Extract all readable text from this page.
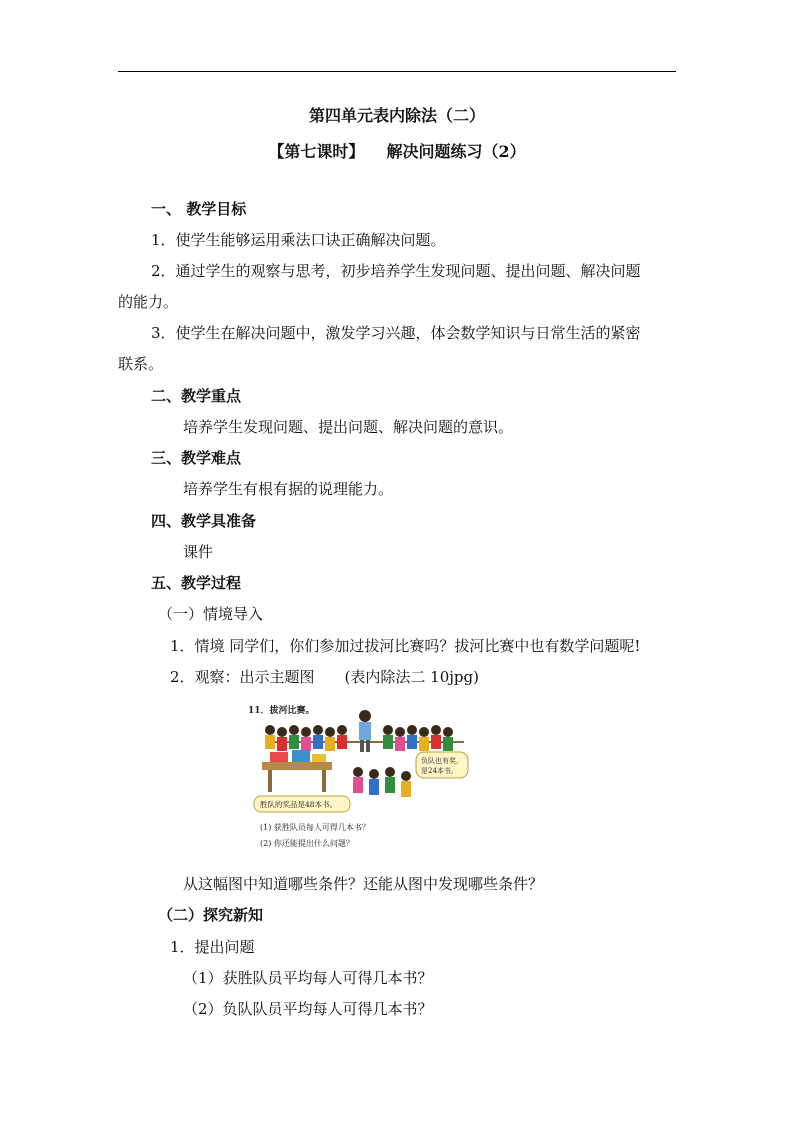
第四单元表内除法（二）
【第七课时】 解决问题练习（2）
一、 教学目标
1．使学生能够运用乘法口诀正确解决问题。
2．通过学生的观察与思考，初步培养学生发现问题、提出问题、解决问题
的能力。
3．使学生在解决问题中，激发学习兴趣，体会数学知识与日常生活的紧密
联系。
二、教学重点
培养学生发现问题、提出问题、解决问题的意识。
三、教学难点
培养学生有根有据的说理能力。
四、教学具准备
课件
五、教学过程
（一）情境导入
1．情境 同学们，你们参加过拔河比赛吗？拔河比赛中也有数学问题呢!
2．观察：出示主题图　　(表内除法二 10jpg)
11．拔河比赛。
胜队的奖品是48本书。
负队也有奖，
是24本书。
(1) 获胜队员每人可得几本书？
(2) 你还能提出什么问题？
从这幅图中知道哪些条件？还能从图中发现哪些条件？
（二）探究新知
1．提出问题
（1）获胜队员平均每人可得几本书？
（2）负队队员平均每人可得几本书？
